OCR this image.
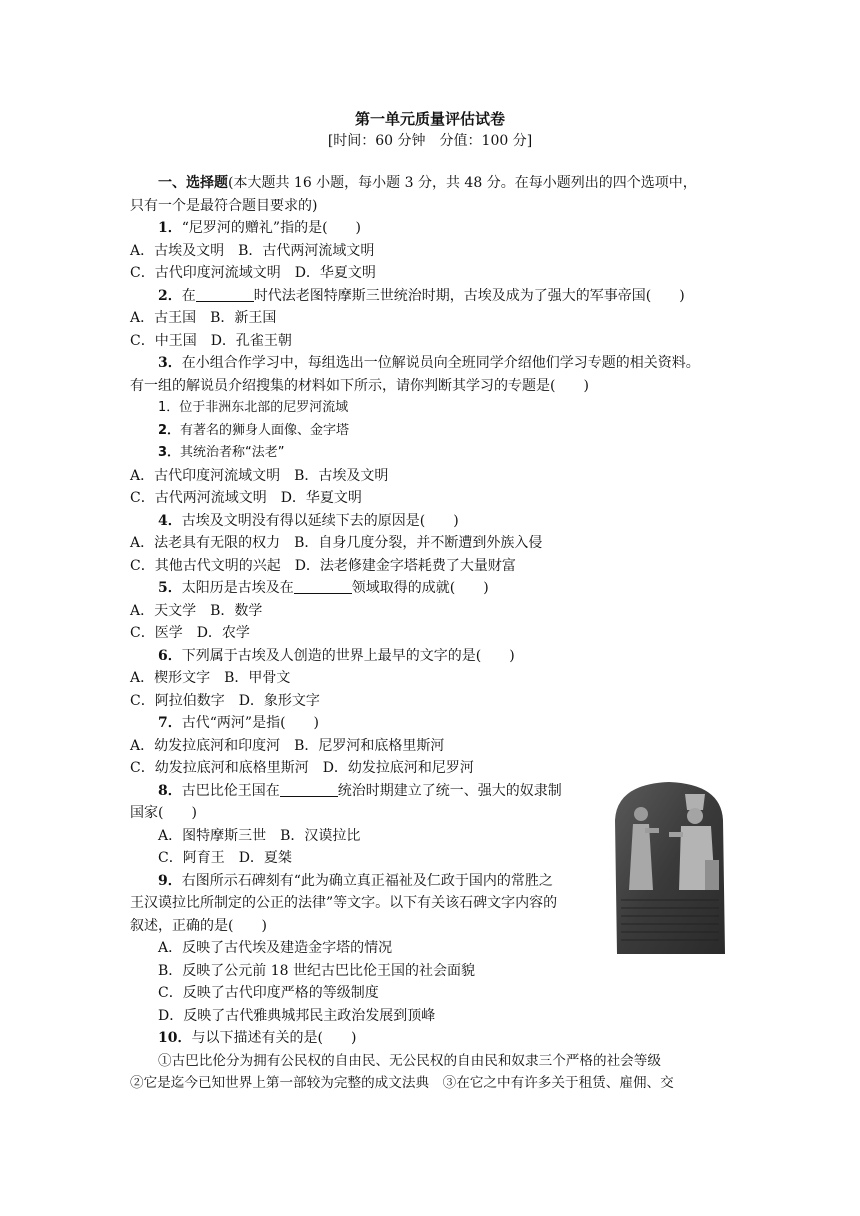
第一单元质量评估试卷
[时间：60 分钟　分值：100 分]
一、选择题(本大题共 16 小题，每小题 3 分，共 48 分。在每小题列出的四个选项中，
只有一个是最符合题目要求的)
1．“尼罗河的赠礼”指的是(　　)
A．古埃及文明　B．古代两河流域文明
C．古代印度河流域文明　D．华夏文明
2．在	时代法老图特摩斯三世统治时期，古埃及成为了强大的军事帝国(　　)
A．古王国　B．新王国
C．中王国　D．孔雀王朝
3．在小组合作学习中，每组选出一位解说员向全班同学介绍他们学习专题的相关资料。
有一组的解说员介绍搜集的材料如下所示，请你判断其学习的专题是(　　)
1．位于非洲东北部的尼罗河流域
2．有著名的狮身人面像、金字塔
3．其统治者称“法老”
A．古代印度河流域文明　B．古埃及文明
C．古代两河流域文明　D．华夏文明
4．古埃及文明没有得以延续下去的原因是(　　)
A．法老具有无限的权力　B．自身几度分裂，并不断遭到外族入侵
C．其他古代文明的兴起　D．法老修建金字塔耗费了大量财富
5．太阳历是古埃及在	领域取得的成就(　　)
A．天文学　B．数学
C．医学　D．农学
6．下列属于古埃及人创造的世界上最早的文字的是(　　)
A．楔形文字　B．甲骨文
C．阿拉伯数字　D．象形文字
7．古代“两河”是指(　　)
A．幼发拉底河和印度河　B．尼罗河和底格里斯河
C．幼发拉底河和底格里斯河　D．幼发拉底河和尼罗河
8．古巴比伦王国在	统治时期建立了统一、强大的奴隶制
国家(　　)
A．图特摩斯三世　B．汉谟拉比
C．阿育王　D．夏桀
9．右图所示石碑刻有“此为确立真正福祉及仁政于国内的常胜之
王汉谟拉比所制定的公正的法律”等文字。以下有关该石碑文字内容的
叙述，正确的是(　　)
A．反映了古代埃及建造金字塔的情况
B．反映了公元前 18 世纪古巴比伦王国的社会面貌
C．反映了古代印度严格的等级制度
D．反映了古代雅典城邦民主政治发展到顶峰
10．与以下描述有关的是(　　)
①古巴比伦分为拥有公民权的自由民、无公民权的自由民和奴隶三个严格的社会等级
②它是迄今已知世界上第一部较为完整的成文法典　③在它之中有许多关于租赁、雇佣、交
